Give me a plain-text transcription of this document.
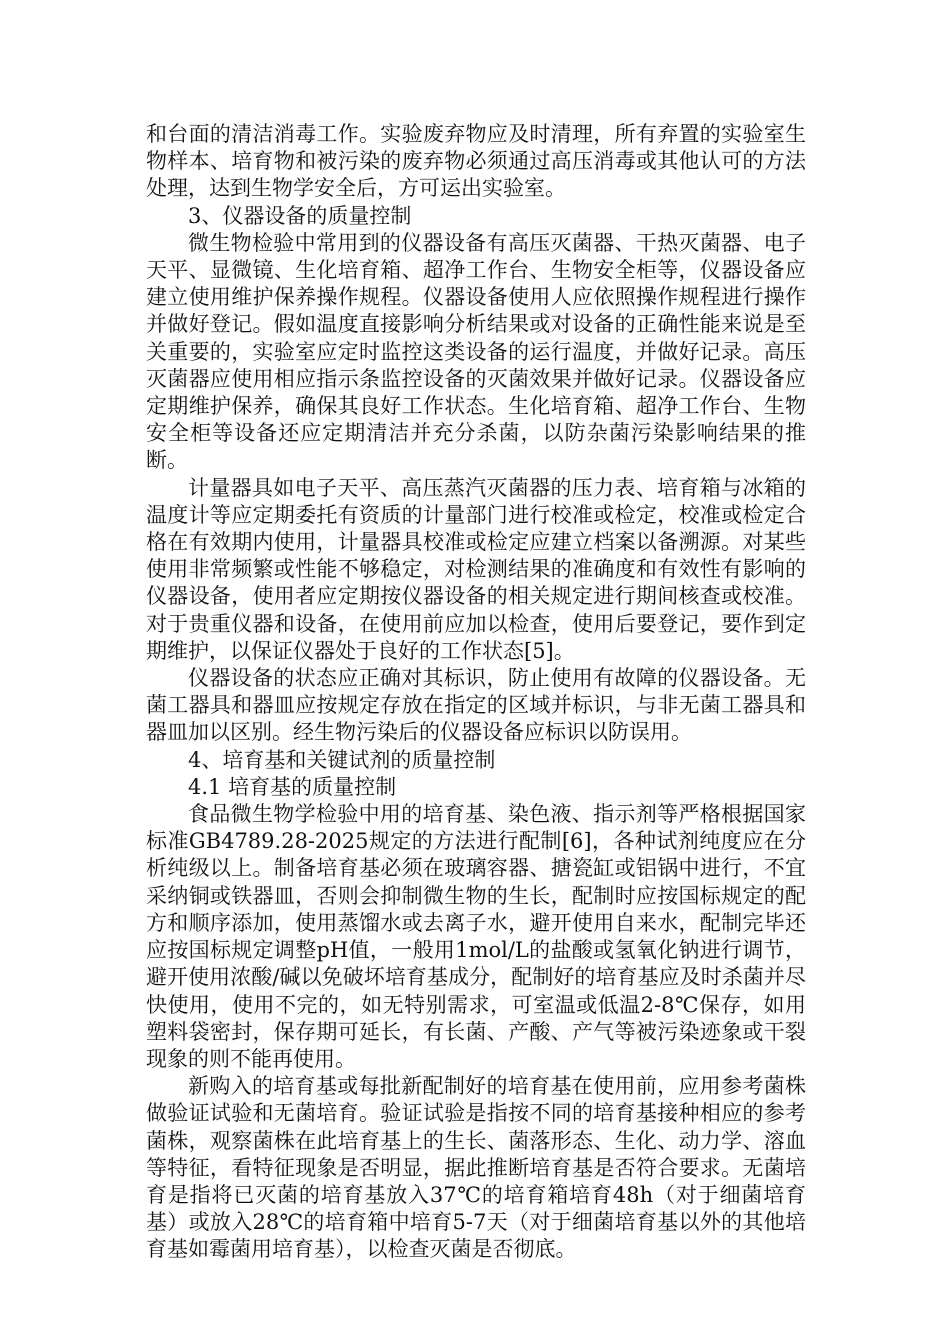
和台面的清洁消毒工作。实验废弃物应及时清理，所有弃置的实验室生物样本、培育物和被污染的废弃物必须通过高压消毒或其他认可的方法处理，达到生物学安全后，方可运出实验室。

3、仪器设备的质量控制

微生物检验中常用到的仪器设备有高压灭菌器、干热灭菌器、电子天平、显微镜、生化培育箱、超净工作台、生物安全柜等，仪器设备应建立使用维护保养操作规程。仪器设备使用人应依照操作规程进行操作并做好登记。假如温度直接影响分析结果或对设备的正确性能来说是至关重要的，实验室应定时监控这类设备的运行温度，并做好记录。高压灭菌器应使用相应指示条监控设备的灭菌效果并做好记录。仪器设备应定期维护保养，确保其良好工作状态。生化培育箱、超净工作台、生物安全柜等设备还应定期清洁并充分杀菌，以防杂菌污染影响结果的推断。

计量器具如电子天平、高压蒸汽灭菌器的压力表、培育箱与冰箱的温度计等应定期委托有资质的计量部门进行校准或检定，校准或检定合格在有效期内使用，计量器具校准或检定应建立档案以备溯源。对某些使用非常频繁或性能不够稳定，对检测结果的准确度和有效性有影响的仪器设备，使用者应定期按仪器设备的相关规定进行期间核查或校准。对于贵重仪器和设备，在使用前应加以检查，使用后要登记，要作到定期维护，以保证仪器处于良好的工作状态[5]。

仪器设备的状态应正确对其标识，防止使用有故障的仪器设备。无菌工器具和器皿应按规定存放在指定的区域并标识，与非无菌工器具和器皿加以区别。经生物污染后的仪器设备应标识以防误用。

4、培育基和关键试剂的质量控制

4.1 培育基的质量控制

食品微生物学检验中用的培育基、染色液、指示剂等严格根据国家标准GB4789.28-2025规定的方法进行配制[6]，各种试剂纯度应在分析纯级以上。制备培育基必须在玻璃容器、搪瓷缸或铝锅中进行，不宜采纳铜或铁器皿，否则会抑制微生物的生长，配制时应按国标规定的配方和顺序添加，使用蒸馏水或去离子水，避开使用自来水，配制完毕还应按国标规定调整pH值，一般用1mol/L的盐酸或氢氧化钠进行调节，避开使用浓酸/碱以免破坏培育基成分，配制好的培育基应及时杀菌并尽快使用，使用不完的，如无特别需求，可室温或低温2-8℃保存，如用塑料袋密封，保存期可延长，有长菌、产酸、产气等被污染迹象或干裂现象的则不能再使用。

新购入的培育基或每批新配制好的培育基在使用前，应用参考菌株做验证试验和无菌培育。验证试验是指按不同的培育基接种相应的参考菌株，观察菌株在此培育基上的生长、菌落形态、生化、动力学、溶血等特征，看特征现象是否明显，据此推断培育基是否符合要求。无菌培育是指将已灭菌的培育基放入37℃的培育箱培育48h（对于细菌培育基）或放入28℃的培育箱中培育5-7天（对于细菌培育基以外的其他培育基如霉菌用培育基），以检查灭菌是否彻底。
